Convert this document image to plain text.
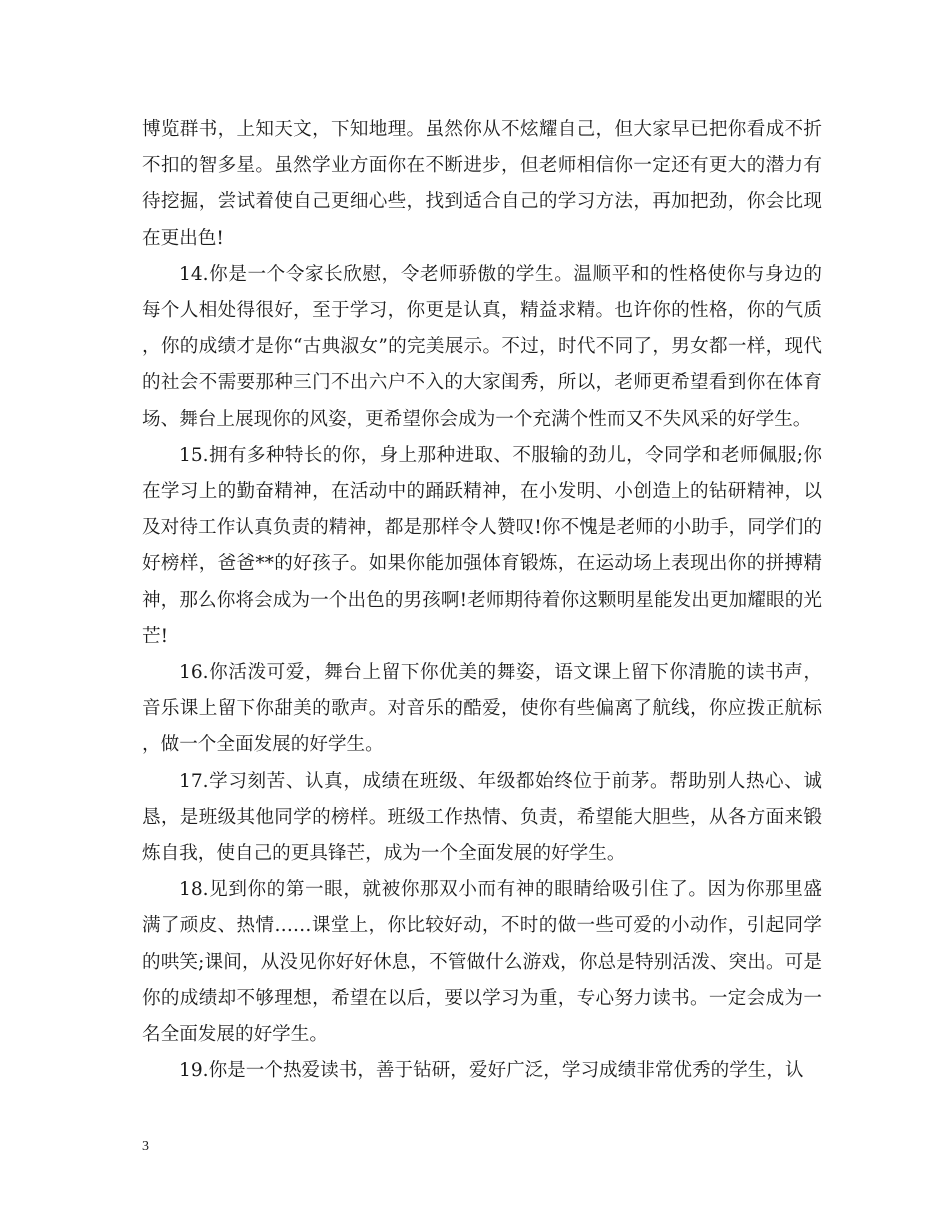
博览群书，上知天文，下知地理。虽然你从不炫耀自己，但大家早已把你看成不折不扣的智多星。虽然学业方面你在不断进步，但老师相信你一定还有更大的潜力有待挖掘，尝试着使自己更细心些，找到适合自己的学习方法，再加把劲，你会比现在更出色!

14.你是一个令家长欣慰，令老师骄傲的学生。温顺平和的性格使你与身边的每个人相处得很好，至于学习，你更是认真，精益求精。也许你的性格，你的气质，你的成绩才是你“古典淑女”的完美展示。不过，时代不同了，男女都一样，现代的社会不需要那种三门不出六户不入的大家闺秀，所以，老师更希望看到你在体育场、舞台上展现你的风姿，更希望你会成为一个充满个性而又不失风采的好学生。

15.拥有多种特长的你，身上那种进取、不服输的劲儿，令同学和老师佩服;你在学习上的勤奋精神，在活动中的踊跃精神，在小发明、小创造上的钻研精神，以及对待工作认真负责的精神，都是那样令人赞叹!你不愧是老师的小助手，同学们的好榜样，爸爸**的好孩子。如果你能加强体育锻炼，在运动场上表现出你的拼搏精神，那么你将会成为一个出色的男孩啊!老师期待着你这颗明星能发出更加耀眼的光芒!

16.你活泼可爱，舞台上留下你优美的舞姿，语文课上留下你清脆的读书声，音乐课上留下你甜美的歌声。对音乐的酷爱，使你有些偏离了航线，你应拨正航标，做一个全面发展的好学生。

17.学习刻苦、认真，成绩在班级、年级都始终位于前茅。帮助别人热心、诚恳，是班级其他同学的榜样。班级工作热情、负责，希望能大胆些，从各方面来锻炼自我，使自己的更具锋芒，成为一个全面发展的好学生。

18.见到你的第一眼，就被你那双小而有神的眼睛给吸引住了。因为你那里盛满了顽皮、热情……课堂上，你比较好动，不时的做一些可爱的小动作，引起同学的哄笑;课间，从没见你好好休息，不管做什么游戏，你总是特别活泼、突出。可是你的成绩却不够理想，希望在以后，要以学习为重，专心努力读书。一定会成为一名全面发展的好学生。

19.你是一个热爱读书，善于钻研，爱好广泛，学习成绩非常优秀的学生，认

3
